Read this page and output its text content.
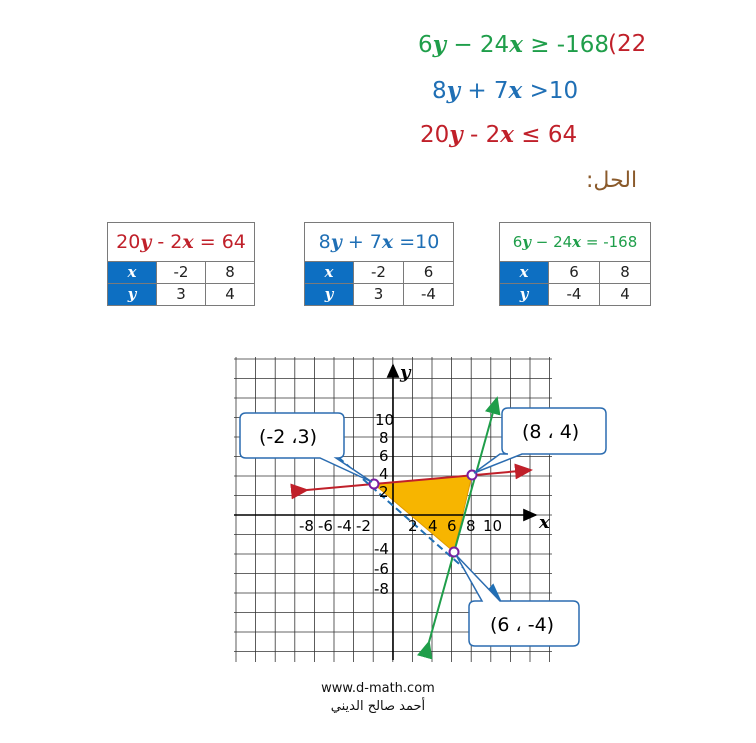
(22
6y − 24x ≥ -168
8y + 7x >10
20y - 2x ≤ 64
الحل:
20y - 2x = 64
x	-2	8
y	3	4
8y + 7x =10
x	-2	6
y	3	-4
6y − 24x = -168
x	6	8
y	-4	4
x
y
-8 -6 -4 -2 2 4 6 8 10
10
8
6
4
2
-4
-6
-8
(-2 ،3)	(8 ، 4)
(6 ، -4)
www.d-math.com
أحمد صالح الديني
